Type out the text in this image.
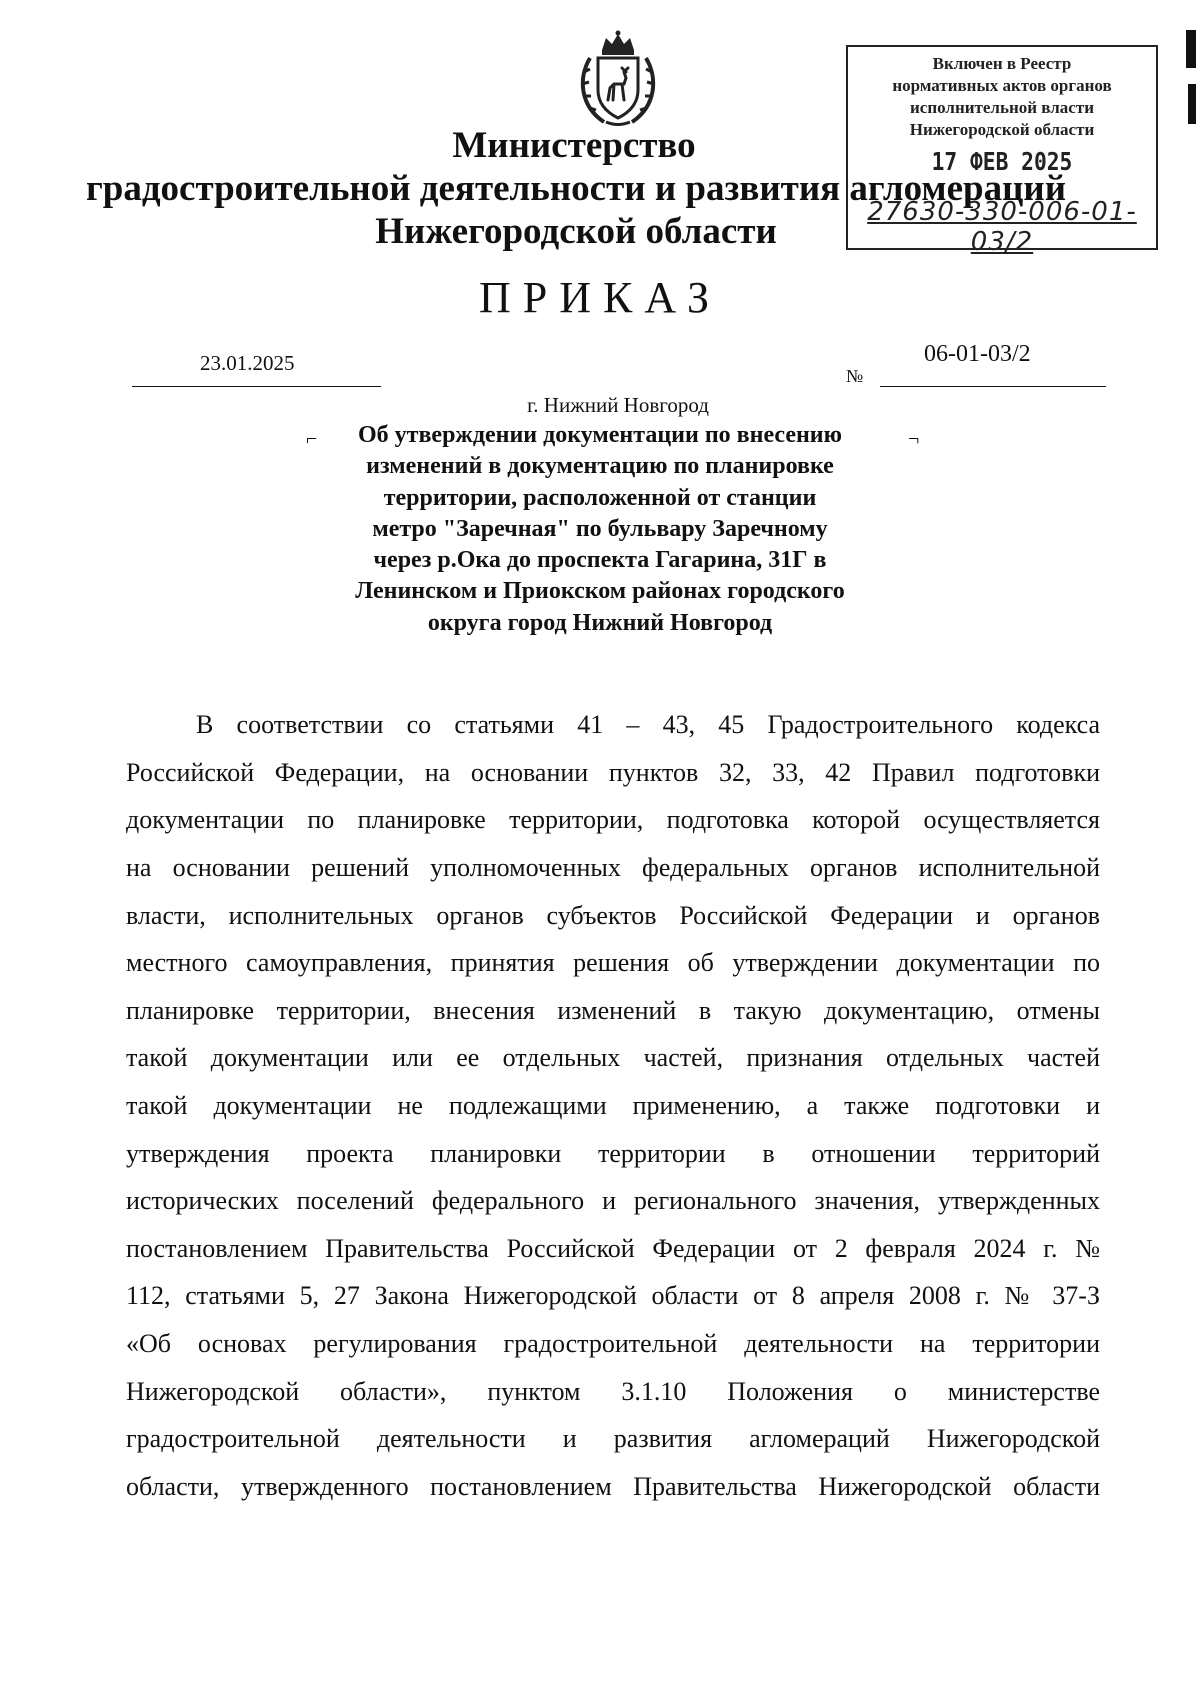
Министерство
градостроительной деятельности и развития агломераций
Нижегородской области
Включен в Реестр
нормативных актов органов
исполнительной власти
Нижегородской области
17 ФЕВ 2025
27630-330-006-01-03/2
ПРИКАЗ
23.01.2025
№
06-01-03/2
г. Нижний Новгород
⌐	¬
Об утверждении документации по внесению
изменений в документацию по планировке
территории, расположенной от станции
метро "Заречная" по бульвару Заречному
через р.Ока до проспекта Гагарина, 31Г в
Ленинском и Приокском районах городского
округа город Нижний Новгород
В соответствии со статьями 41 – 43, 45 Градостроительного кодекса
Российской Федерации, на основании пунктов 32, 33, 42 Правил подготовки
документации по планировке территории, подготовка которой осуществляется
на основании решений уполномоченных федеральных органов исполнительной
власти, исполнительных органов субъектов Российской Федерации и органов
местного самоуправления, принятия решения об утверждении документации по
планировке территории, внесения изменений в такую документацию, отмены
такой документации или ее отдельных частей, признания отдельных частей
такой документации не подлежащими применению, а также подготовки и
утверждения проекта планировки территории в отношении территорий
исторических поселений федерального и регионального значения, утвержденных
постановлением Правительства Российской Федерации от 2 февраля 2024 г. №
112, статьями 5, 27 Закона Нижегородской области от 8 апреля 2008 г. № 37-З
«Об основах регулирования градостроительной деятельности на территории
Нижегородской области», пунктом 3.1.10 Положения о министерстве
градостроительной деятельности и развития агломераций Нижегородской
области, утвержденного постановлением Правительства Нижегородской области
